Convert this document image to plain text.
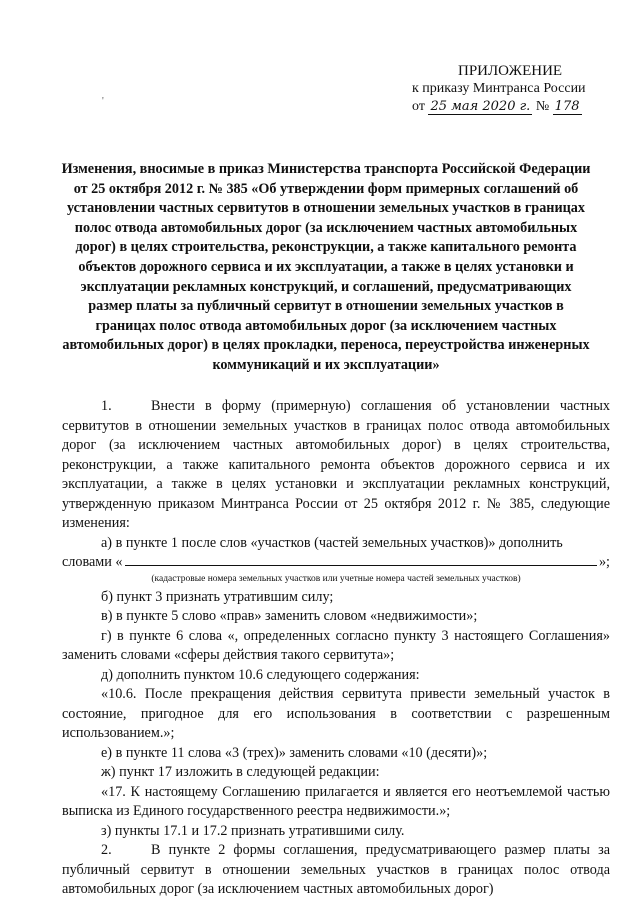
ПРИЛОЖЕНИЕ
к приказу Минтранса России
от 25 мая 2020 г. № 178
'
Изменения, вносимые в приказ Министерства транспорта Российской Федерации от 25 октября 2012 г. № 385 «Об утверждении форм примерных соглашений об установлении частных сервитутов в отношении земельных участков в границах полос отвода автомобильных дорог (за исключением частных автомобильных дорог) в целях строительства, реконструкции, а также капитального ремонта объектов дорожного сервиса и их эксплуатации, а также в целях установки и эксплуатации рекламных конструкций, и соглашений, предусматривающих размер платы за публичный сервитут в отношении земельных участков в границах полос отвода автомобильных дорог (за исключением частных автомобильных дорог) в целях прокладки, переноса, переустройства инженерных коммуникаций и их эксплуатации»

1.	Внести в форму (примерную) соглашения об установлении частных сервитутов в отношении земельных участков в границах полос отвода автомобильных дорог (за исключением частных автомобильных дорог) в целях строительства, реконструкции, а также капитального ремонта объектов дорожного сервиса и их эксплуатации, а также в целях установки и эксплуатации рекламных конструкций, утвержденную приказом Минтранса России от 25 октября 2012 г. № 385, следующие изменения:

а) в пункте 1 после слов «участков (частей земельных участков)» дополнить

словами «	»;

(кадастровые номера земельных участков или учетные номера частей земельных участков)

б) пункт 3 признать утратившим силу;

в) в пункте 5 слово «прав» заменить словом «недвижимости»;

г) в пункте 6 слова «, определенных согласно пункту 3 настоящего Соглашения» заменить словами «сферы действия такого сервитута»;

д) дополнить пунктом 10.6 следующего содержания:

«10.6. После прекращения действия сервитута привести земельный участок в состояние, пригодное для его использования в соответствии с разрешенным использованием.»;

е) в пункте 11 слова «3 (трех)» заменить словами «10 (десяти)»;

ж) пункт 17 изложить в следующей редакции:

«17. К настоящему Соглашению прилагается и является его неотъемлемой частью выписка из Единого государственного реестра недвижимости.»;

з) пункты 17.1 и 17.2 признать утратившими силу.

2.	В пункте 2 формы соглашения, предусматривающего размер платы за публичный сервитут в отношении земельных участков в границах полос отвода автомобильных дорог (за исключением частных автомобильных дорог)
